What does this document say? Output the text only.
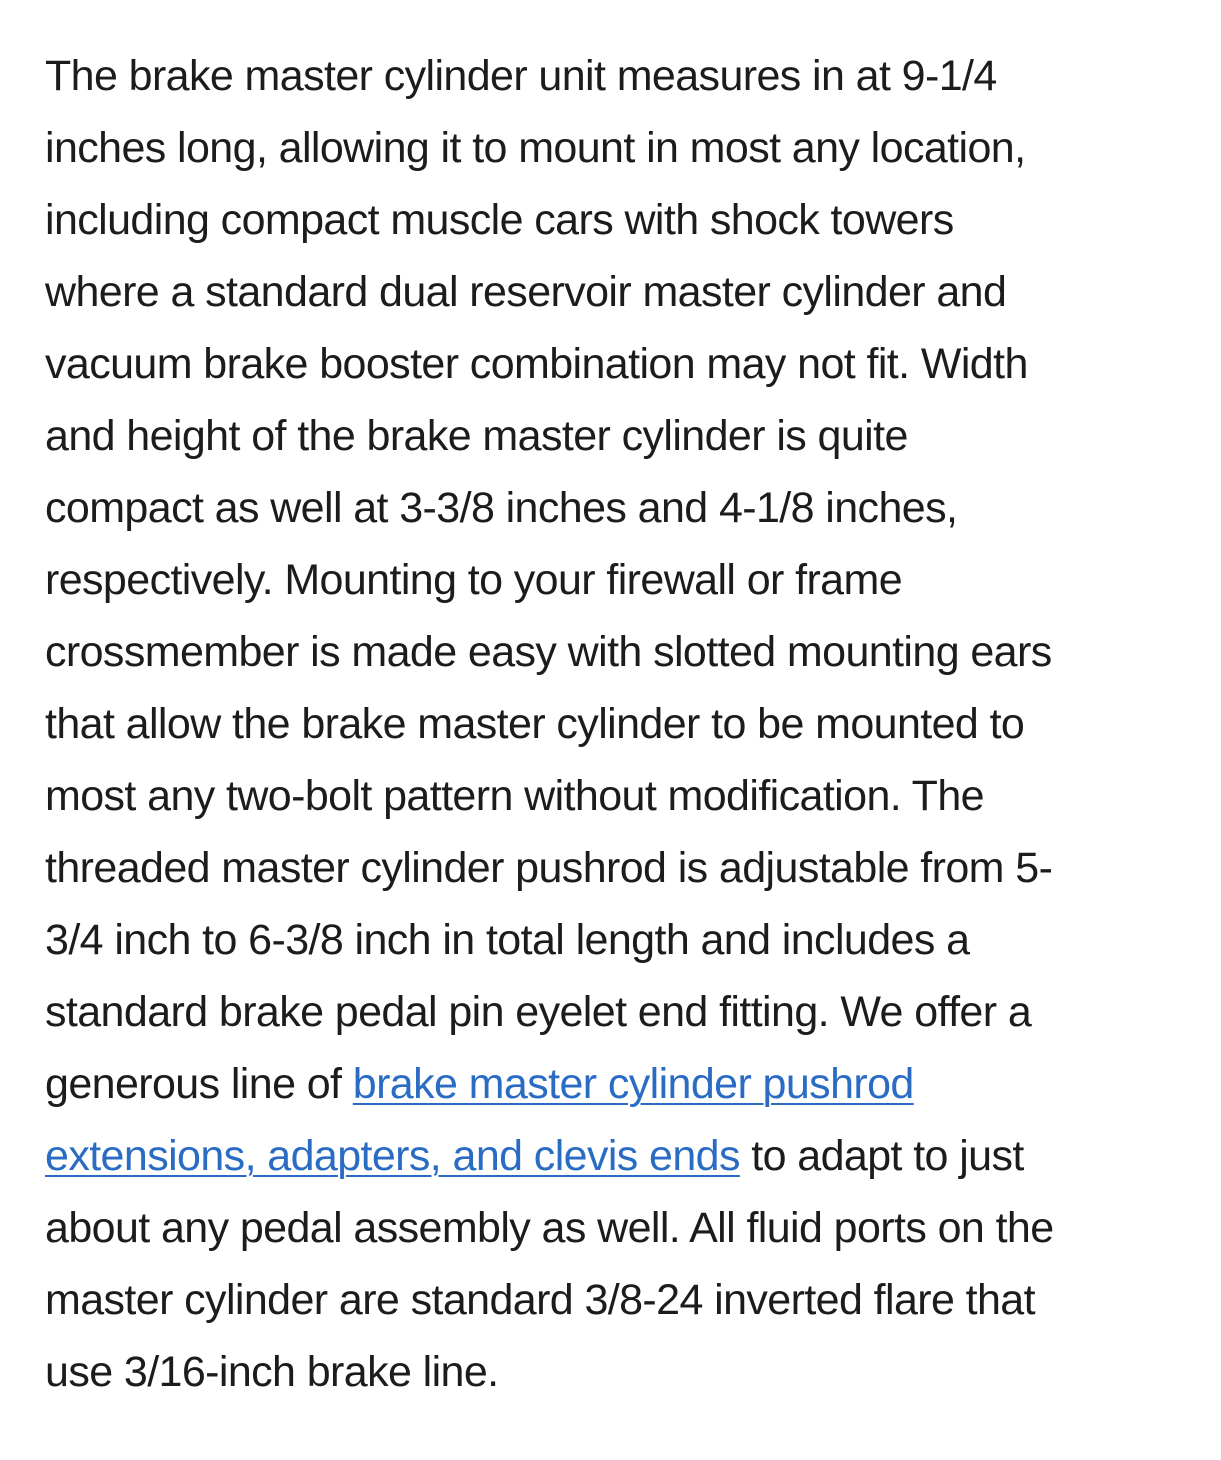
The brake master cylinder unit measures in at 9-1/4
inches long, allowing it to mount in most any location,
including compact muscle cars with shock towers
where a standard dual reservoir master cylinder and
vacuum brake booster combination may not fit. Width
and height of the brake master cylinder is quite
compact as well at 3-3/8 inches and 4-1/8 inches,
respectively. Mounting to your firewall or frame
crossmember is made easy with slotted mounting ears
that allow the brake master cylinder to be mounted to
most any two-bolt pattern without modification. The
threaded master cylinder pushrod is adjustable from 5-
3/4 inch to 6-3/8 inch in total length and includes a
standard brake pedal pin eyelet end fitting. We offer a
generous line of brake master cylinder pushrod
extensions, adapters, and clevis ends to adapt to just
about any pedal assembly as well. All fluid ports on the
master cylinder are standard 3/8-24 inverted flare that
use 3/16-inch brake line.
